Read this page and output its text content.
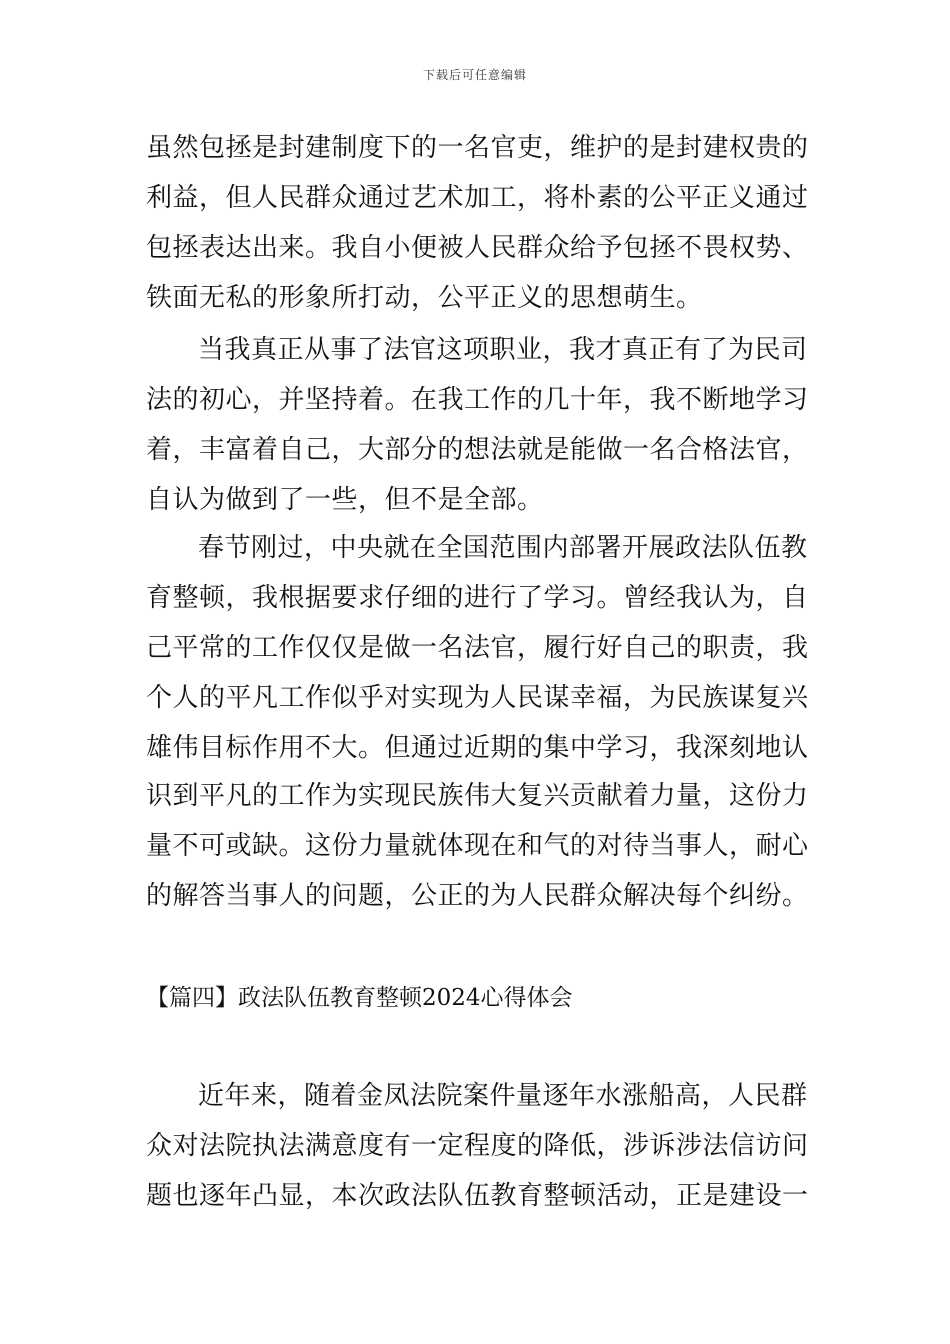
下载后可任意编辑
虽然包拯是封建制度下的一名官吏，维护的是封建权贵的
利益，但人民群众通过艺术加工，将朴素的公平正义通过
包拯表达出来。我自小便被人民群众给予包拯不畏权势、
铁面无私的形象所打动，公平正义的思想萌生。
当我真正从事了法官这项职业，我才真正有了为民司
法的初心，并坚持着。在我工作的几十年，我不断地学习
着，丰富着自己，大部分的想法就是能做一名合格法官，
自认为做到了一些，但不是全部。
春节刚过，中央就在全国范围内部署开展政法队伍教
育整顿，我根据要求仔细的进行了学习。曾经我认为，自
己平常的工作仅仅是做一名法官，履行好自己的职责，我
个人的平凡工作似乎对实现为人民谋幸福，为民族谋复兴
雄伟目标作用不大。但通过近期的集中学习，我深刻地认
识到平凡的工作为实现民族伟大复兴贡献着力量，这份力
量不可或缺。这份力量就体现在和气的对待当事人，耐心
的解答当事人的问题，公正的为人民群众解决每个纠纷。
【篇四】政法队伍教育整顿2024心得体会
近年来，随着金凤法院案件量逐年水涨船高，人民群
众对法院执法满意度有一定程度的降低，涉诉涉法信访问
题也逐年凸显，本次政法队伍教育整顿活动，正是建设一
